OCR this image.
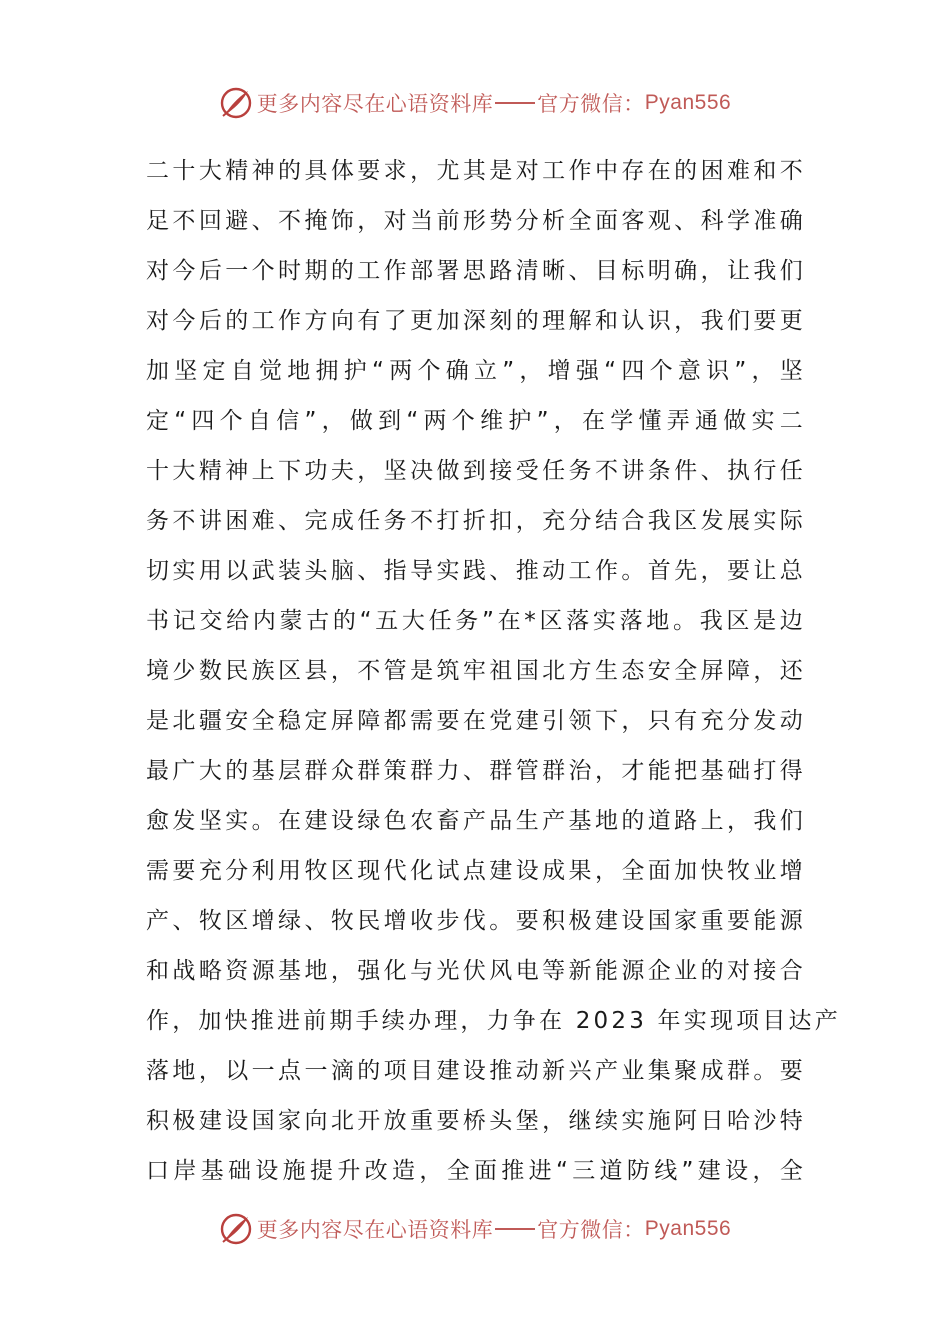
更多内容尽在心语资料库 官方微信： Pyan556
二十大精神的具体要求，尤其是对工作中存在的困难和不
足不回避、不掩饰，对当前形势分析全面客观、科学准确
对今后一个时期的工作部署思路清晰、目标明确，让我们
对今后的工作方向有了更加深刻的理解和认识，我们要更
加坚定自觉地拥护“两个确立”，增强“四个意识”，坚
定“四个自信”，做到“两个维护”，在学懂弄通做实二
十大精神上下功夫，坚决做到接受任务不讲条件、执行任
务不讲困难、完成任务不打折扣，充分结合我区发展实际
切实用以武装头脑、指导实践、推动工作。首先，要让总
书记交给内蒙古的“五大任务”在*区落实落地。我区是边
境少数民族区县，不管是筑牢祖国北方生态安全屏障，还
是北疆安全稳定屏障都需要在党建引领下，只有充分发动
最广大的基层群众群策群力、群管群治，才能把基础打得
愈发坚实。在建设绿色农畜产品生产基地的道路上，我们
需要充分利用牧区现代化试点建设成果，全面加快牧业增
产、牧区增绿、牧民增收步伐。要积极建设国家重要能源
和战略资源基地，强化与光伏风电等新能源企业的对接合
作，加快推进前期手续办理，力争在 2023 年实现项目达产
落地，以一点一滴的项目建设推动新兴产业集聚成群。要
积极建设国家向北开放重要桥头堡，继续实施阿日哈沙特
口岸基础设施提升改造，全面推进“三道防线”建设，全
更多内容尽在心语资料库 官方微信： Pyan556
